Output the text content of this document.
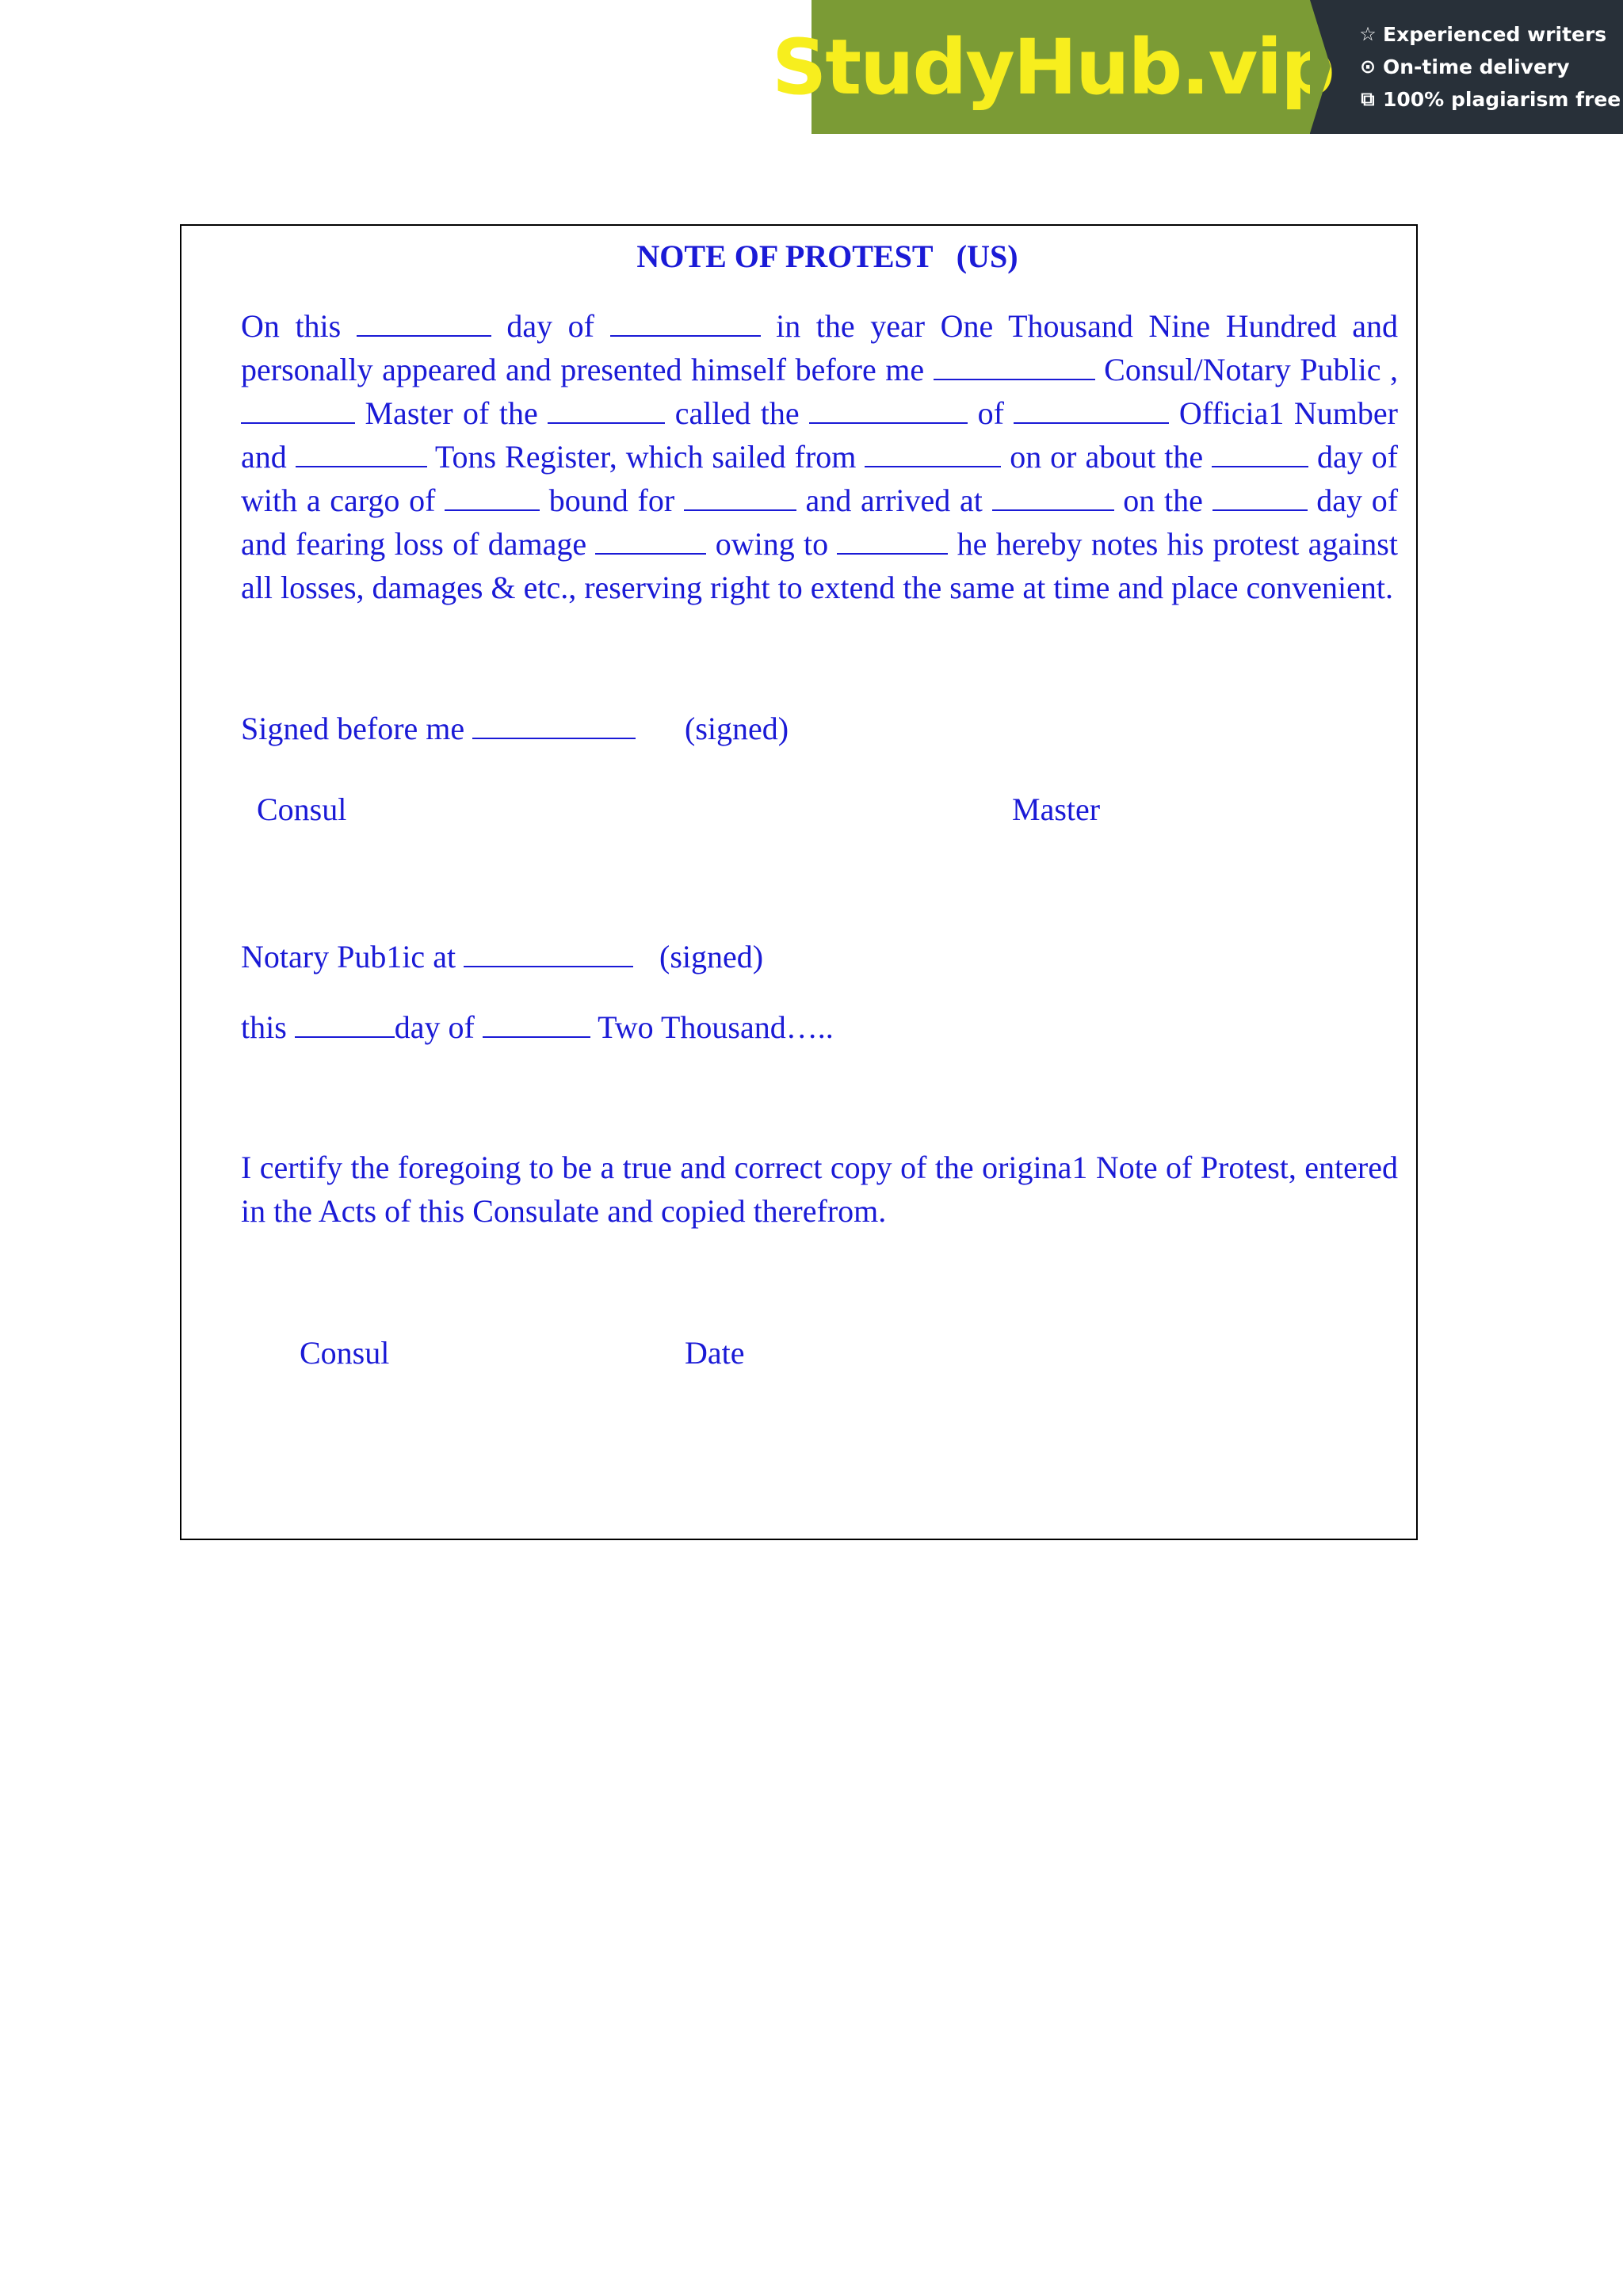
StudyHub.vip ☆ Experienced writers
⊙ On-time delivery
⧉ 100% plagiarism free
NOTE OF PROTEST   (US)
On this	day of	in the year One Thousand Nine Hundred and personally appeared and presented himself before me	Consul/Notary Public , Master of the	called the	of	Officia1 Number and	Tons Register, which sailed from	on or about the	day of with a cargo of	bound for	and arrived at	on the	day of and fearing loss of damage	owing to	he hereby notes his protest against all losses, damages & etc., reserving right to extend the same at time and place convenient.
Signed before me	(signed)
Consul	Master
Notary Pub1ic at	(signed)
this	day of	Two Thousand…..
I certify the foregoing to be a true and correct copy of the origina1 Note of Protest, entered in the Acts of this Consulate and copied therefrom.
Consul	Date
